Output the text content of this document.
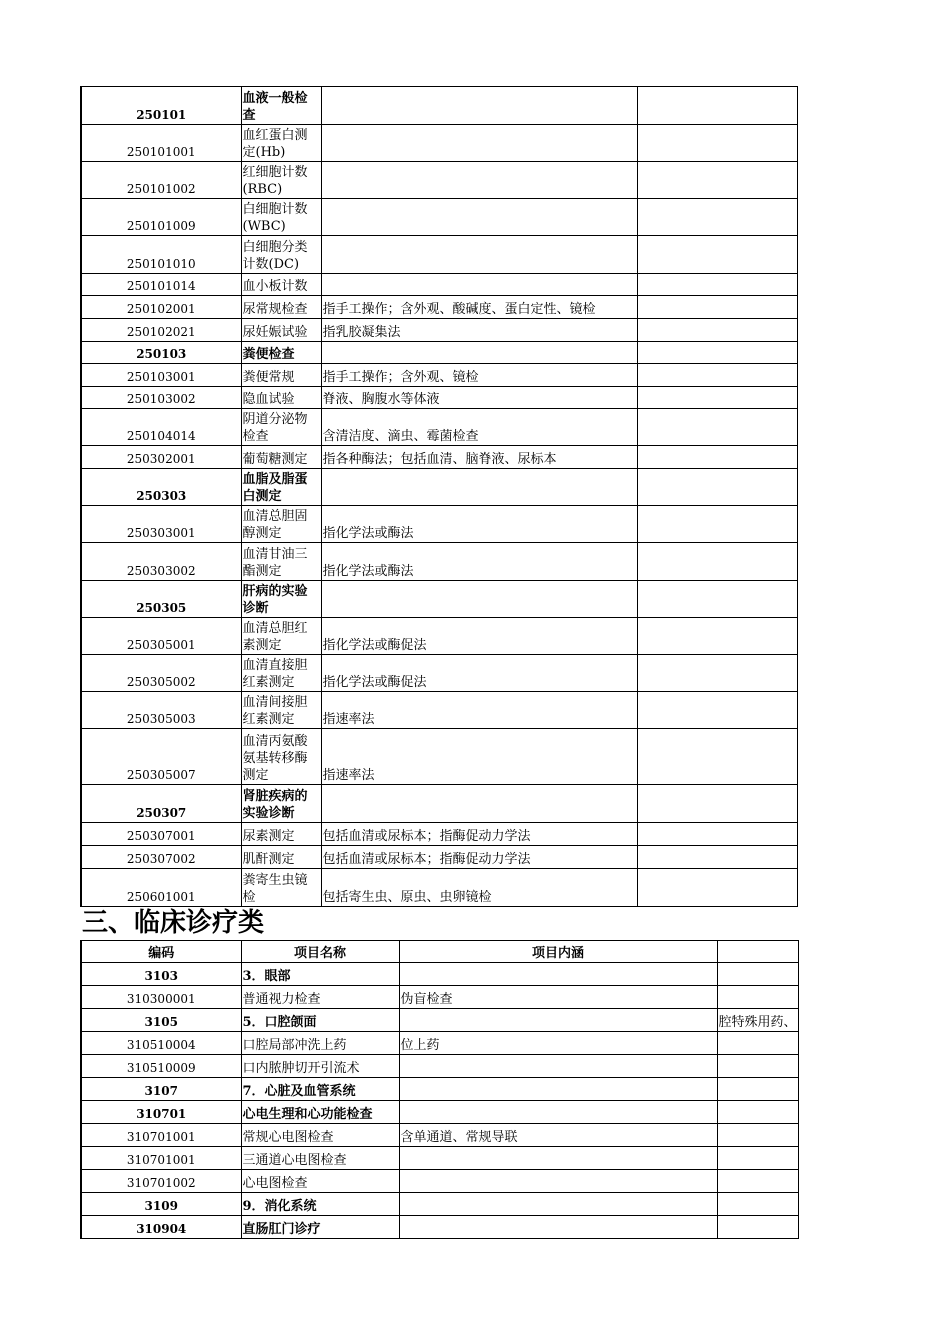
250101	血液一般检查		
250101001	血红蛋白测定(Hb)		
250101002	红细胞计数(RBC)		
250101009	白细胞计数(WBC)		
250101010	白细胞分类计数(DC)		
250101014	血小板计数		
250102001	尿常规检查	指手工操作；含外观、酸碱度、蛋白定性、镜检	
250102021	尿妊娠试验	指乳胶凝集法	
250103	粪便检查		
250103001	粪便常规	指手工操作；含外观、镜检	
250103002	隐血试验	脊液、胸腹水等体液	
250104014	阴道分泌物检查	含清洁度、滴虫、霉菌检查	
250302001	葡萄糖测定	指各种酶法；包括血清、脑脊液、尿标本	
250303	血脂及脂蛋白测定		
250303001	血清总胆固醇测定	指化学法或酶法	
250303002	血清甘油三酯测定	指化学法或酶法	
250305	肝病的实验诊断		
250305001	血清总胆红素测定	指化学法或酶促法	
250305002	血清直接胆红素测定	指化学法或酶促法	
250305003	血清间接胆红素测定	指速率法	
250305007	血清丙氨酸氨基转移酶测定	指速率法	
250307	肾脏疾病的实验诊断		
250307001	尿素测定	包括血清或尿标本；指酶促动力学法	
250307002	肌酐测定	包括血清或尿标本；指酶促动力学法	
250601001	粪寄生虫镜检	包括寄生虫、原虫、虫卵镜检	
三、临床诊疗类
编码	项目名称	项目内涵	
3103	3．眼部		
310300001	普通视力检查	伪盲检查	
3105	5．口腔颌面		腔特殊用药、
310510004	口腔局部冲洗上药	位上药	
310510009	口内脓肿切开引流术		
3107	7．心脏及血管系统		
310701	心电生理和心功能检查		
310701001	常规心电图检查	含单通道、常规导联	
310701001	三通道心电图检查		
310701002	心电图检查		
3109	9．消化系统		
310904	直肠肛门诊疗		
